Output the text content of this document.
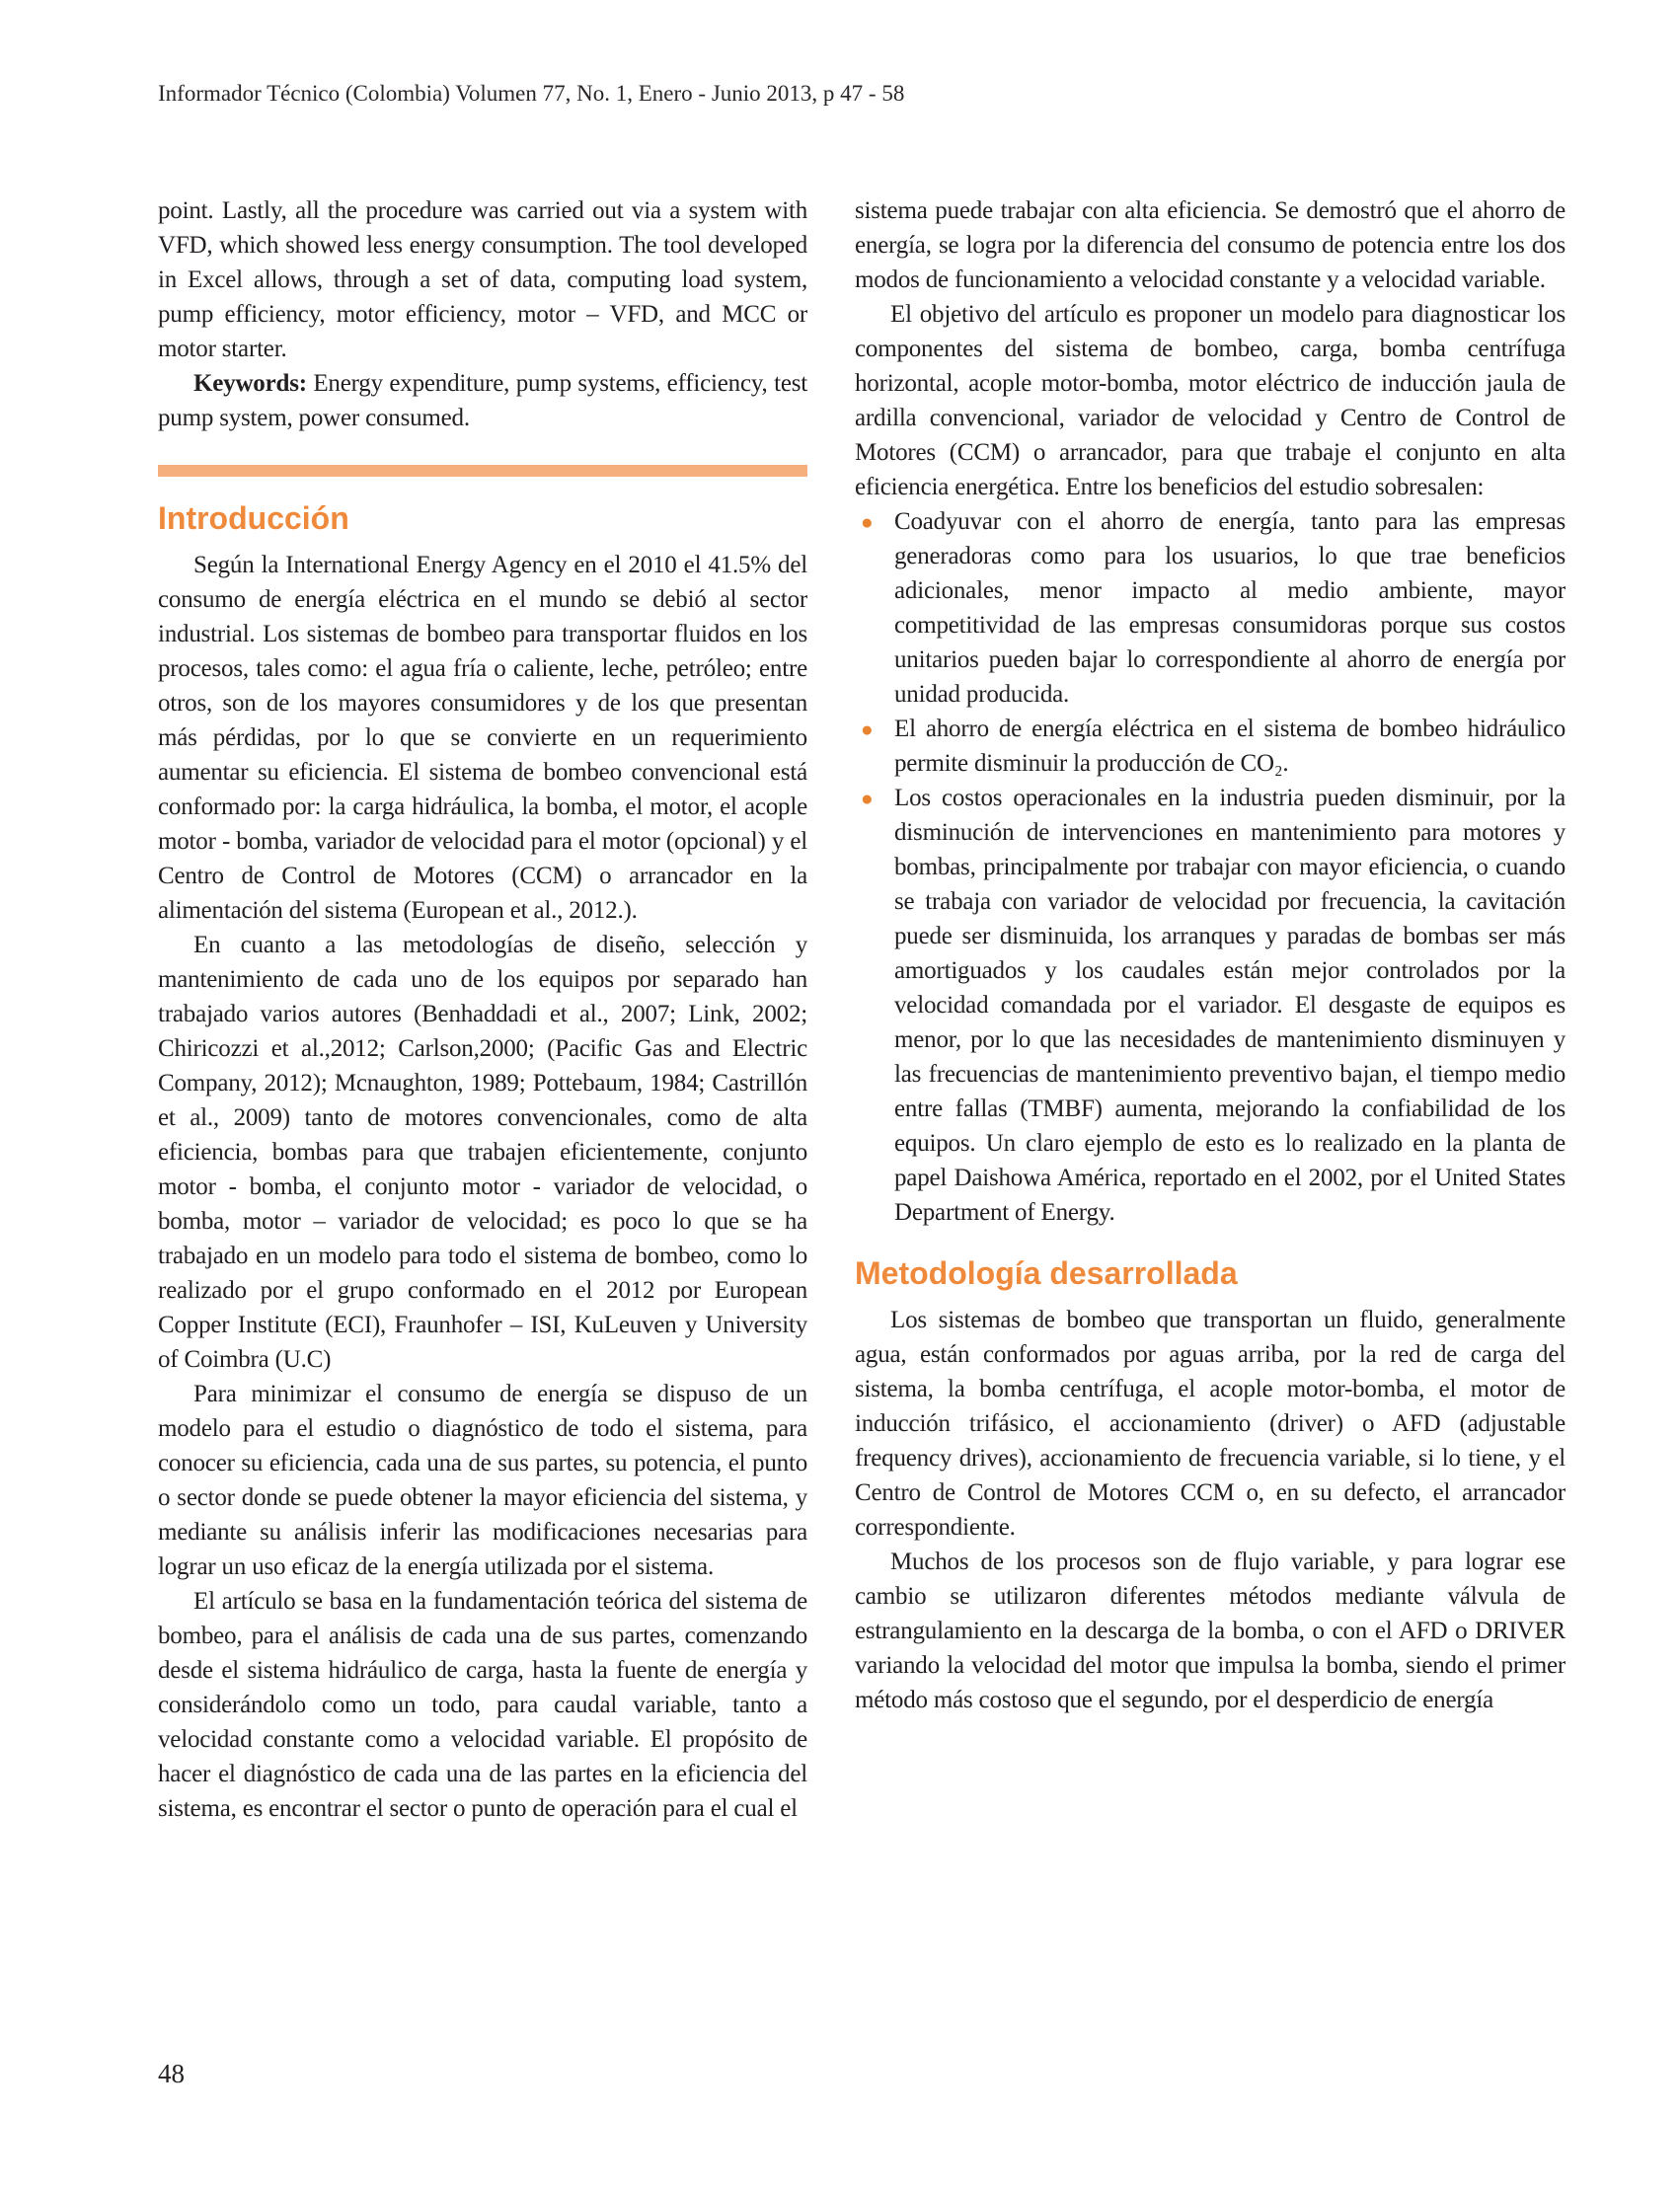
Informador Técnico (Colombia) Volumen 77, No. 1, Enero - Junio 2013, p 47 - 58

point. Lastly, all the procedure was carried out via a system with VFD, which showed less energy consumption. The tool developed in Excel allows, through a set of data, computing load system, pump efficiency, motor efficiency, motor – VFD, and MCC or motor starter.

Keywords: Energy expenditure, pump systems, efficiency, test pump system, power consumed.

Introducción

Según la International Energy Agency en el 2010 el 41.5% del consumo de energía eléctrica en el mundo se debió al sector industrial. Los sistemas de bombeo para transportar fluidos en los procesos, tales como: el agua fría o caliente, leche, petróleo; entre otros, son de los mayores consumidores y de los que presentan más pérdidas, por lo que se convierte en un requerimiento aumentar su eficiencia. El sistema de bombeo convencional está conformado por: la carga hidráulica, la bomba, el motor, el acople motor - bomba, variador de velocidad para el motor (opcional) y el Centro de Control de Motores (CCM) o arrancador en la alimentación del sistema (European et al., 2012.).

En cuanto a las metodologías de diseño, selección y mantenimiento de cada uno de los equipos por separado han trabajado varios autores (Benhaddadi et al., 2007; Link, 2002; Chiricozzi et al.,2012; Carlson,2000; (Pacific Gas and Electric Company, 2012); Mcnaughton, 1989; Pottebaum, 1984; Castrillón et al., 2009) tanto de motores convencionales, como de alta eficiencia, bombas para que trabajen eficientemente, conjunto motor - bomba, el conjunto motor - variador de velocidad, o bomba, motor – variador de velocidad; es poco lo que se ha trabajado en un modelo para todo el sistema de bombeo, como lo realizado por el grupo conformado en el 2012 por European Copper Institute (ECI), Fraunhofer – ISI, KuLeuven y University of Coimbra (U.C)

Para minimizar el consumo de energía se dispuso de un modelo para el estudio o diagnóstico de todo el sistema, para conocer su eficiencia, cada una de sus partes, su potencia, el punto o sector donde se puede obtener la mayor eficiencia del sistema, y mediante su análisis inferir las modificaciones necesarias para lograr un uso eficaz de la energía utilizada por el sistema.

El artículo se basa en la fundamentación teórica del sistema de bombeo, para el análisis de cada una de sus partes, comenzando desde el sistema hidráulico de carga, hasta la fuente de energía y considerándolo como un todo, para caudal variable, tanto a velocidad constante como a velocidad variable. El propósito de hacer el diagnóstico de cada una de las partes en la eficiencia del sistema, es encontrar el sector o punto de operación para el cual el

sistema puede trabajar con alta eficiencia. Se demostró que el ahorro de energía, se logra por la diferencia del consumo de potencia entre los dos modos de funcionamiento a velocidad constante y a velocidad variable.

El objetivo del artículo es proponer un modelo para diagnosticar los componentes del sistema de bombeo, carga, bomba centrífuga horizontal, acople motor-bomba, motor eléctrico de inducción jaula de ardilla convencional, variador de velocidad y Centro de Control de Motores (CCM) o arrancador, para que trabaje el conjunto en alta eficiencia energética. Entre los beneficios del estudio sobresalen:

● Coadyuvar con el ahorro de energía, tanto para las empresas generadoras como para los usuarios, lo que trae beneficios adicionales, menor impacto al medio ambiente, mayor competitividad de las empresas consumidoras porque sus costos unitarios pueden bajar lo correspondiente al ahorro de energía por unidad producida.
● El ahorro de energía eléctrica en el sistema de bombeo hidráulico permite disminuir la producción de CO₂.
● Los costos operacionales en la industria pueden disminuir, por la disminución de intervenciones en mantenimiento para motores y bombas, principalmente por trabajar con mayor eficiencia, o cuando se trabaja con variador de velocidad por frecuencia, la cavitación puede ser disminuida, los arranques y paradas de bombas ser más amortiguados y los caudales están mejor controlados por la velocidad comandada por el variador. El desgaste de equipos es menor, por lo que las necesidades de mantenimiento disminuyen y las frecuencias de mantenimiento preventivo bajan, el tiempo medio entre fallas (TMBF) aumenta, mejorando la confiabilidad de los equipos. Un claro ejemplo de esto es lo realizado en la planta de papel Daishowa América, reportado en el 2002, por el United States Department of Energy.
Metodología desarrollada

Los sistemas de bombeo que transportan un fluido, generalmente agua, están conformados por aguas arriba, por la red de carga del sistema, la bomba centrífuga, el acople motor-bomba, el motor de inducción trifásico, el accionamiento (driver) o AFD (adjustable frequency drives), accionamiento de frecuencia variable, si lo tiene, y el Centro de Control de Motores CCM o, en su defecto, el arrancador correspondiente.

Muchos de los procesos son de flujo variable, y para lograr ese cambio se utilizaron diferentes métodos mediante válvula de estrangulamiento en la descarga de la bomba, o con el AFD o DRIVER variando la velocidad del motor que impulsa la bomba, siendo el primer método más costoso que el segundo, por el desperdicio de energía

48
